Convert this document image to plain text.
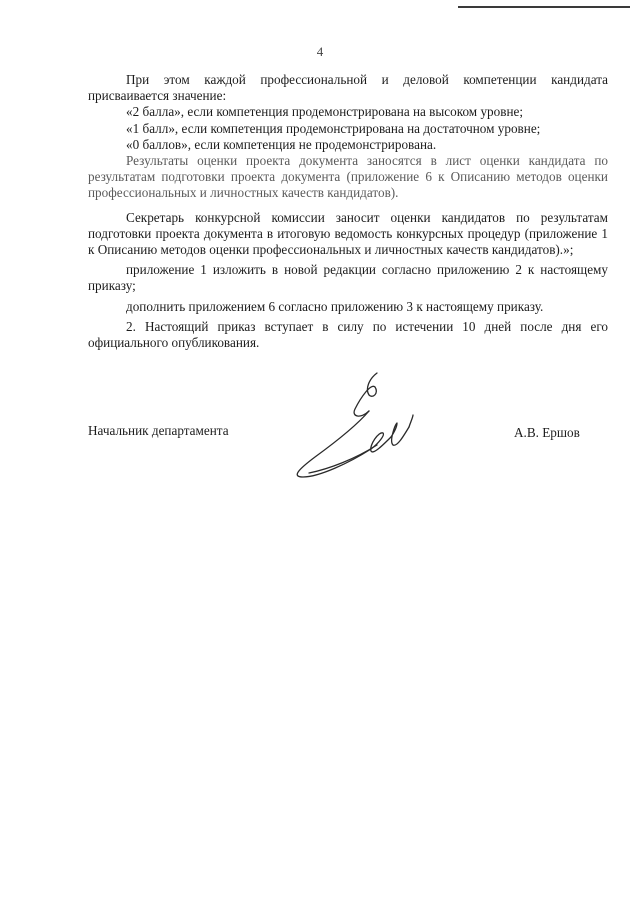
4

При этом каждой профессиональной и деловой компетенции кандидата присваивается значение:

«2 балла», если компетенция продемонстрирована на высоком уровне;

«1 балл», если компетенция продемонстрирована на достаточном уровне;

«0 баллов», если компетенция не продемонстрирована.

Результаты оценки проекта документа заносятся в лист оценки кандидата по результатам подготовки проекта документа (приложение 6 к Описанию методов оценки профессиональных и личностных качеств кандидатов).

Секретарь конкурсной комиссии заносит оценки кандидатов по результатам подготовки проекта документа в итоговую ведомость конкурсных процедур (приложение 1 к Описанию методов оценки профессиональных и личностных качеств кандидатов).»;

приложение 1 изложить в новой редакции согласно приложению 2 к настоящему приказу;

дополнить приложением 6 согласно приложению 3 к настоящему приказу.

2. Настоящий приказ вступает в силу по истечении 10 дней после дня его официального опубликования.

Начальник департамента	А.В. Ершов
